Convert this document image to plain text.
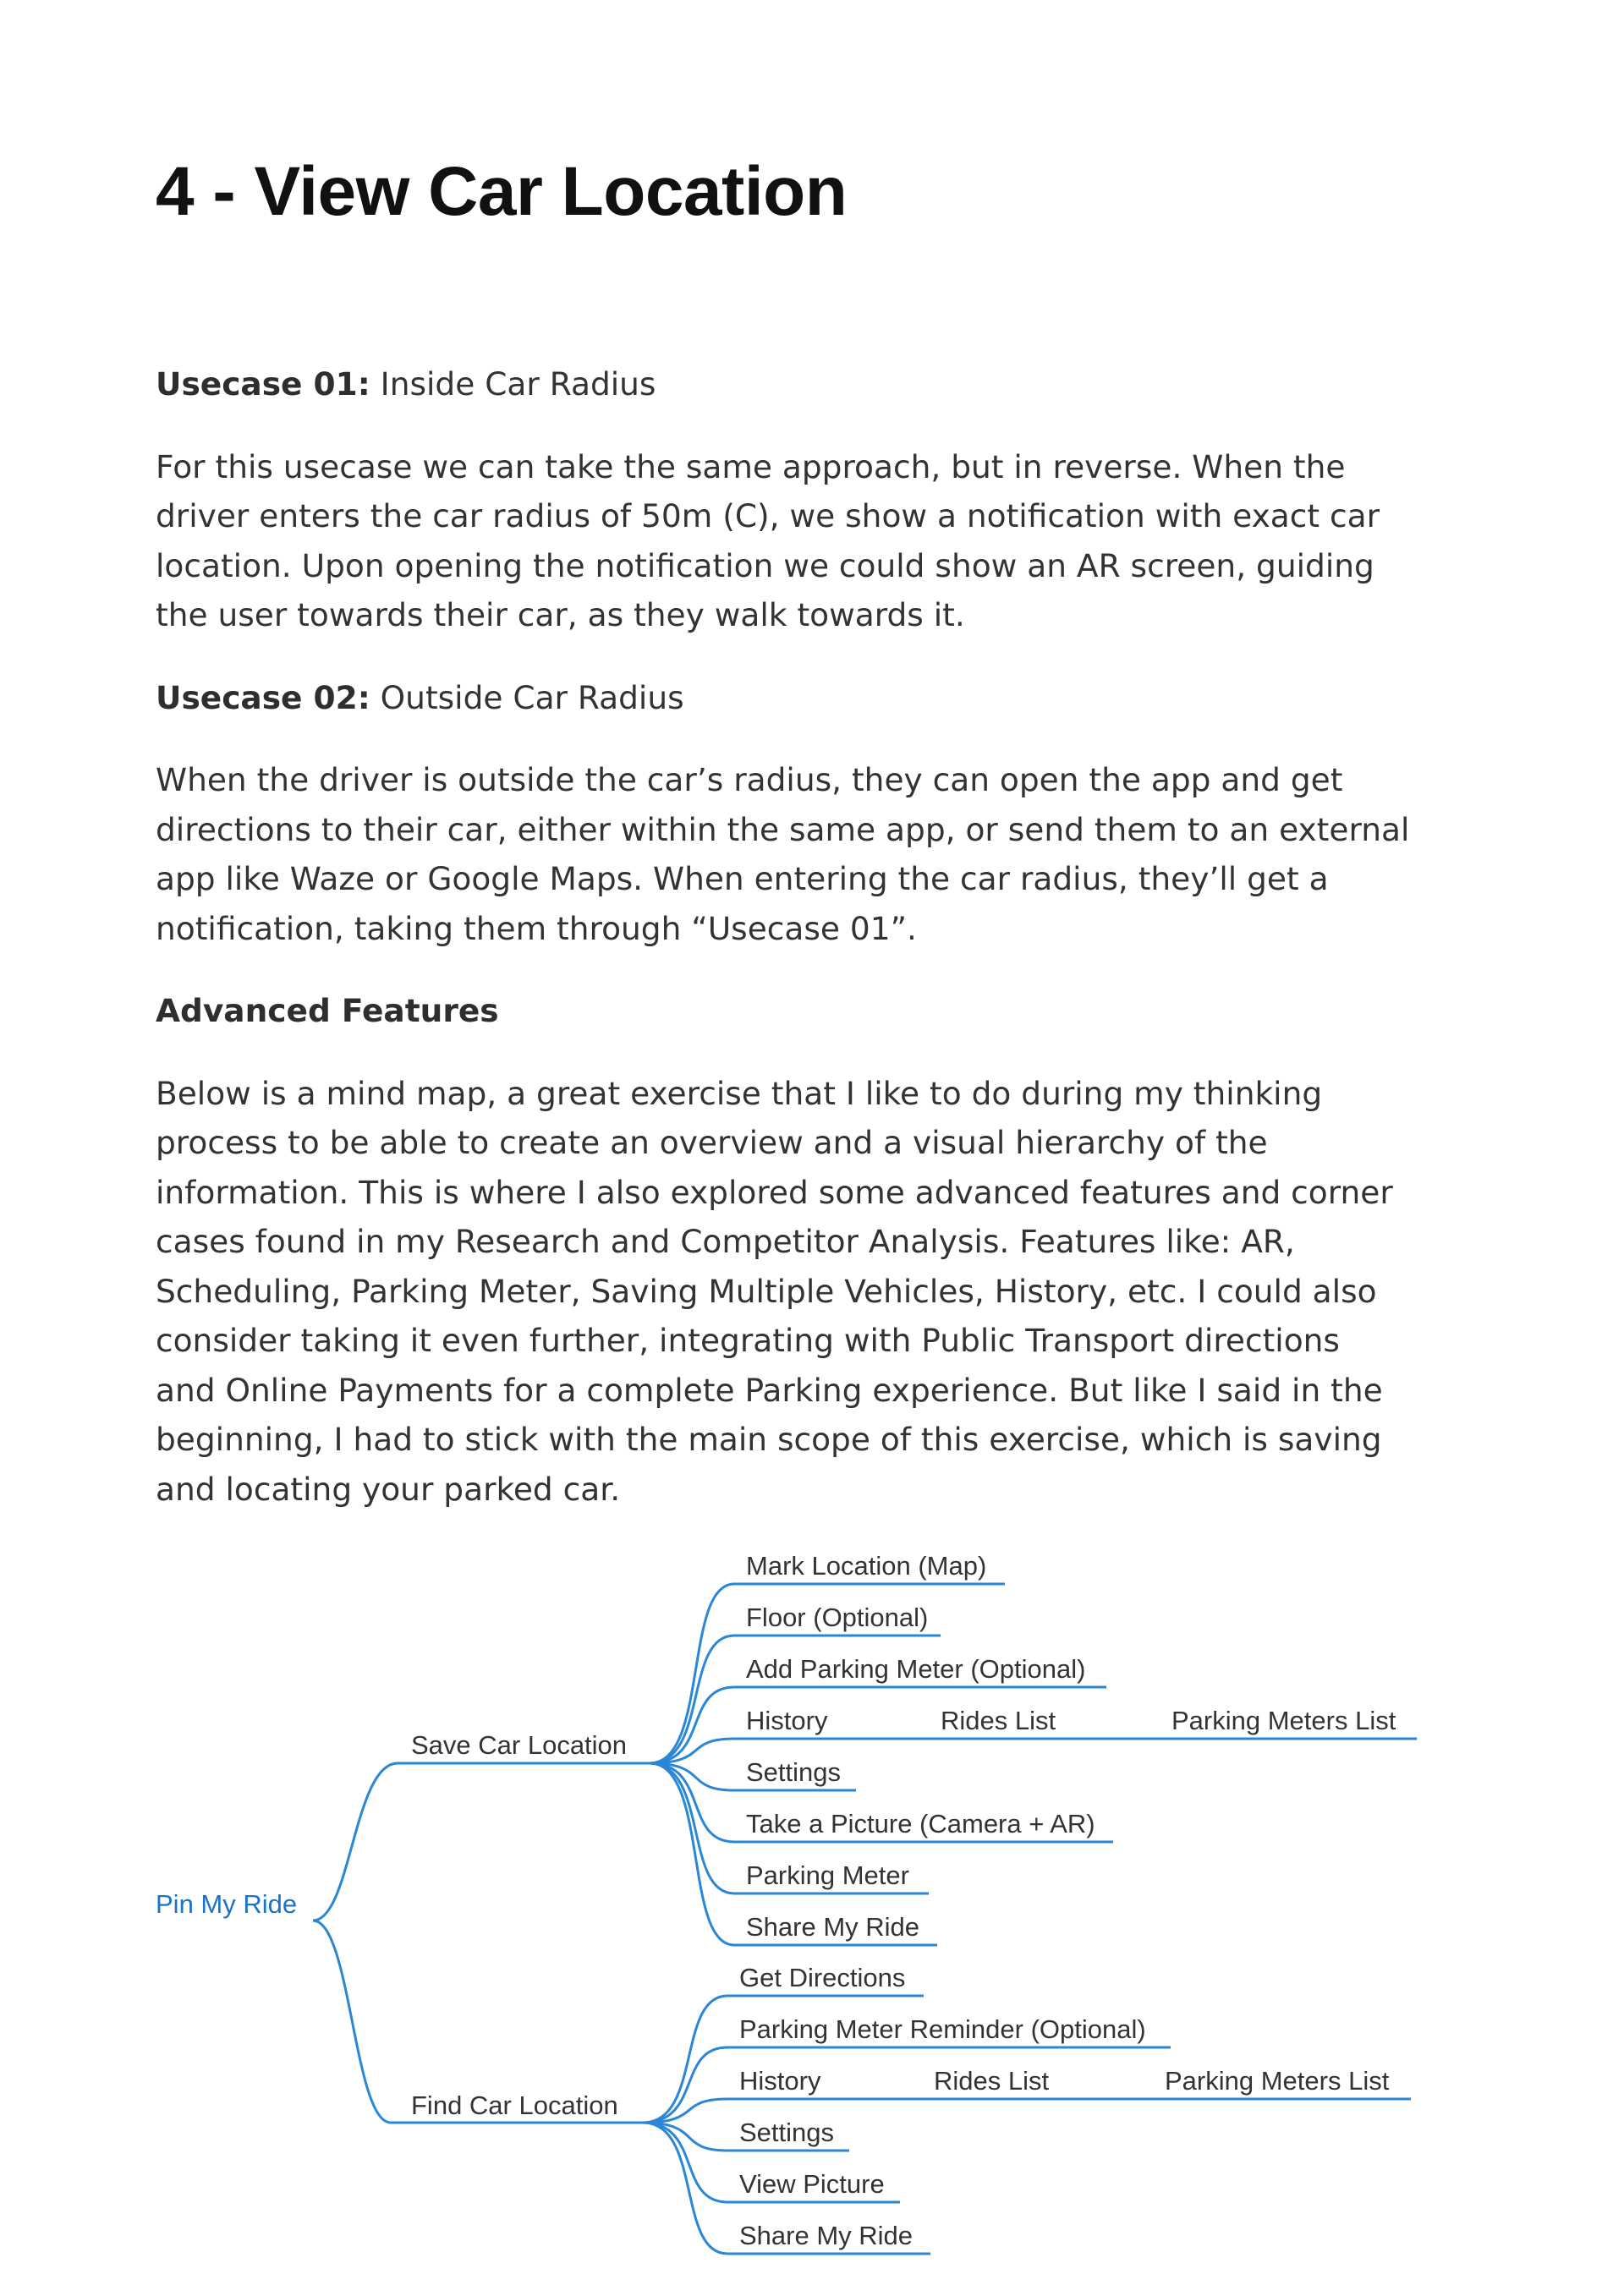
4 - View Car Location

Usecase 01: Inside Car Radius

For this usecase we can take the same approach, but in reverse. When the
driver enters the car radius of 50m (C), we show a notification with exact car
location. Upon opening the notification we could show an AR screen, guiding
the user towards their car, as they walk towards it.

Usecase 02: Outside Car Radius

When the driver is outside the car’s radius, they can open the app and get
directions to their car, either within the same app, or send them to an external
app like Waze or Google Maps. When entering the car radius, they’ll get a
notification, taking them through “Usecase 01”.

Advanced Features

Below is a mind map, a great exercise that I like to do during my thinking
process to be able to create an overview and a visual hierarchy of the
information. This is where I also explored some advanced features and corner
cases found in my Research and Competitor Analysis. Features like: AR,
Scheduling, Parking Meter, Saving Multiple Vehicles, History, etc. I could also
consider taking it even further, integrating with Public Transport directions
and Online Payments for a complete Parking experience. But like I said in the
beginning, I had to stick with the main scope of this exercise, which is saving
and locating your parked car.

Pin My Ride
Save Car Location
Find Car Location
Mark Location (Map)
Floor (Optional)
Add Parking Meter (Optional)
History	Rides List	Parking Meters List
Settings
Take a Picture (Camera + AR)
Parking Meter
Share My Ride
Get Directions
Parking Meter Reminder (Optional)
History	Rides List	Parking Meters List
Settings
View Picture
Share My Ride
